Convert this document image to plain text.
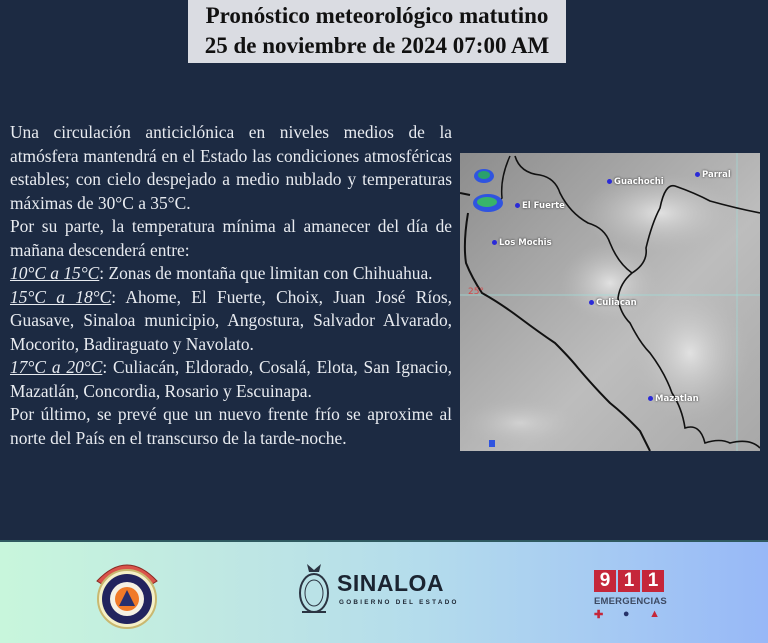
Pronóstico meteorológico matutino
25 de noviembre de 2024 07:00 AM

Una circulación anticiclónica en niveles medios de la atmósfera mantendrá en el Estado las condiciones atmosféricas estables; con cielo despejado a medio nublado y temperaturas máximas de 30°C a 35°C.

Por su parte, la temperatura mínima al amanecer del día de mañana descenderá entre:

10°C a 15°C: Zonas de montaña que limitan con Chihuahua.

15°C a 18°C: Ahome, El Fuerte, Choix, Juan José Ríos, Guasave, Sinaloa municipio, Angostura, Salvador Alvarado, Mocorito, Badiraguato y Navolato.

17°C a 20°C: Culiacán, Eldorado, Cosalá, Elota, San Ignacio, Mazatlán, Concordia, Rosario y Escuinapa.

Por último, se prevé que un nuevo frente frío se aproxime al norte del País en el transcurso de la tarde-noche.

Guachochi
Parral
El Fuerte
Los Mochis
Culiacan
Mazatlan
25°
SINALOA
GOBIERNO DEL ESTADO
9 1 1
EMERGENCIAS
✚ ● ▲
